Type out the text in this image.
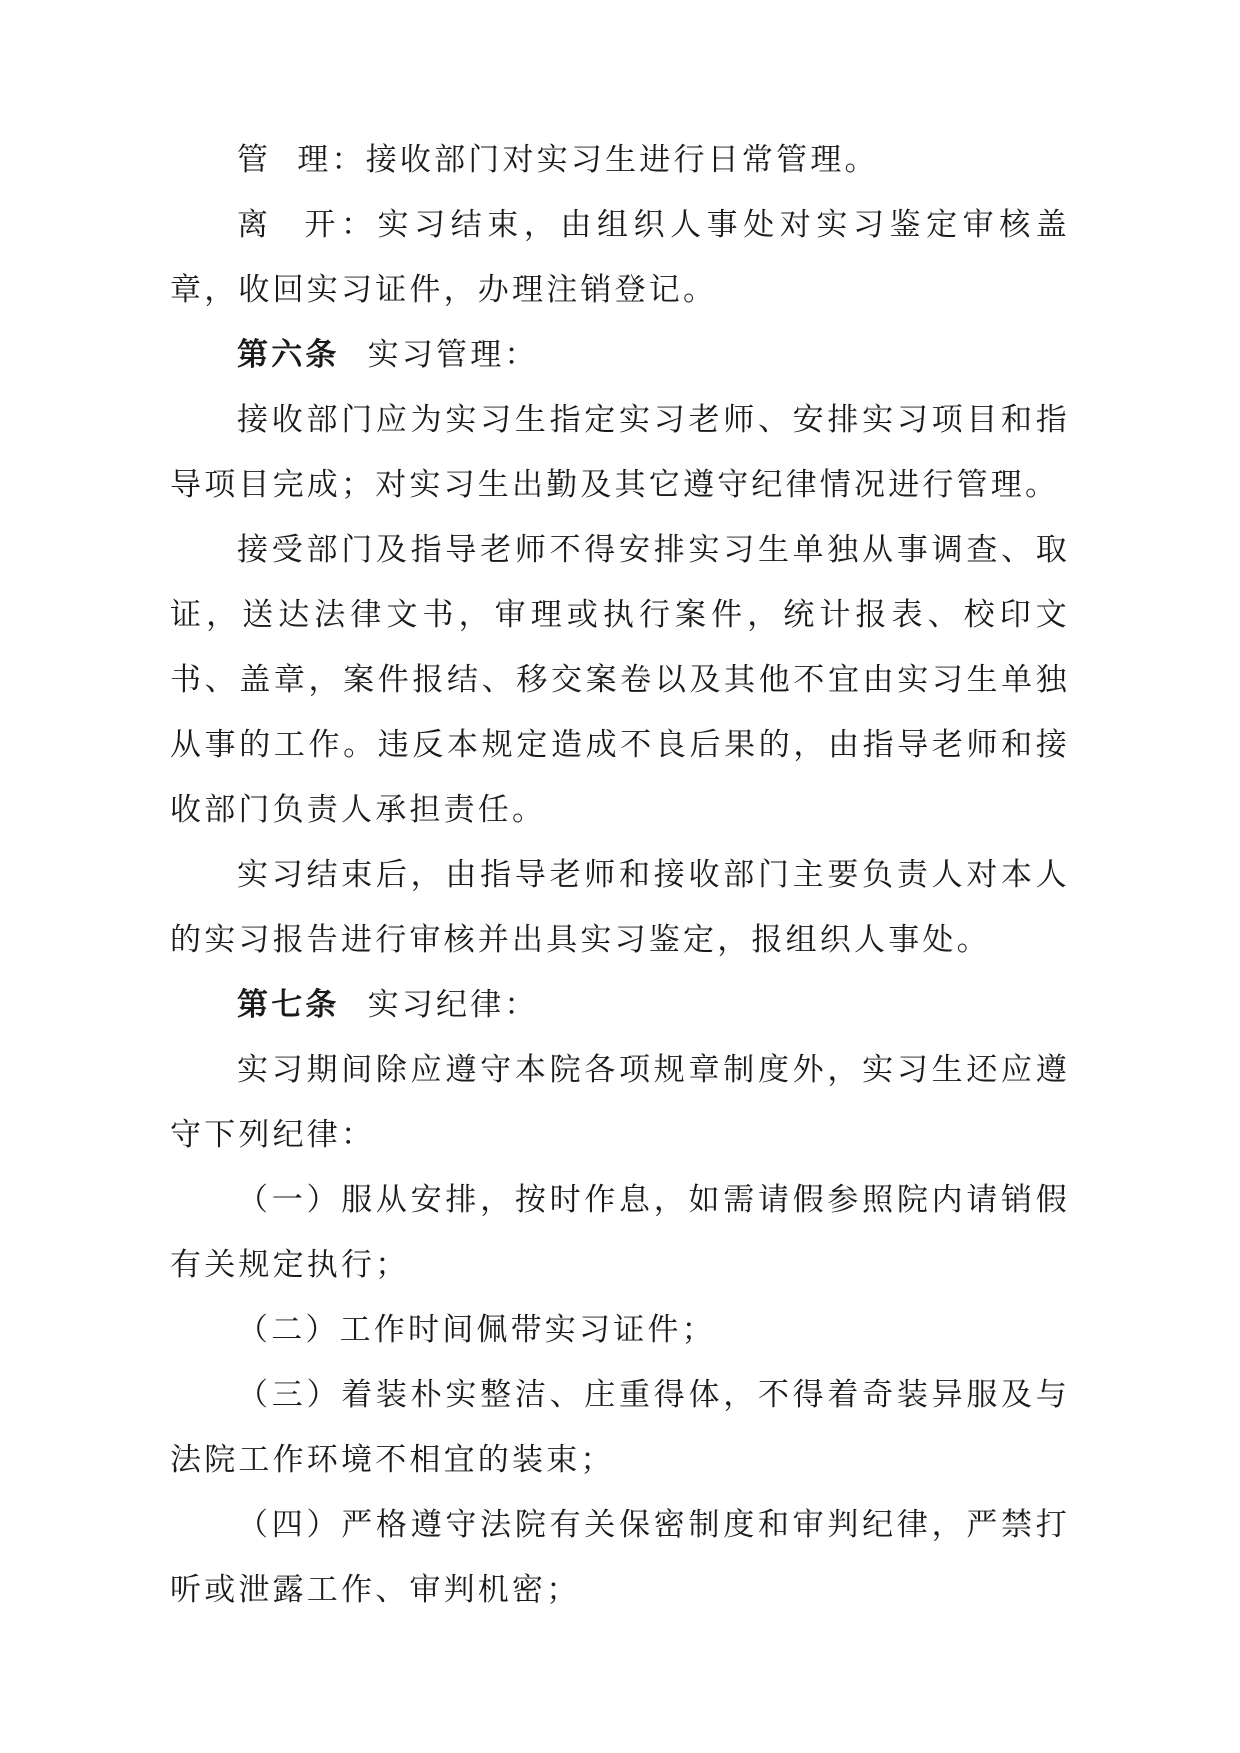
管  理：接收部门对实习生进行日常管理。

离  开：实习结束，由组织人事处对实习鉴定审核盖章，收回实习证件，办理注销登记。

第六条 实习管理：

接收部门应为实习生指定实习老师、安排实习项目和指导项目完成；对实习生出勤及其它遵守纪律情况进行管理。

接受部门及指导老师不得安排实习生单独从事调查、取证，送达法律文书，审理或执行案件，统计报表、校印文书、盖章，案件报结、移交案卷以及其他不宜由实习生单独从事的工作。违反本规定造成不良后果的，由指导老师和接收部门负责人承担责任。

实习结束后，由指导老师和接收部门主要负责人对本人的实习报告进行审核并出具实习鉴定，报组织人事处。

第七条 实习纪律：

实习期间除应遵守本院各项规章制度外，实习生还应遵守下列纪律：

（一）服从安排，按时作息，如需请假参照院内请销假有关规定执行；

（二）工作时间佩带实习证件；

（三）着装朴实整洁、庄重得体，不得着奇装异服及与法院工作环境不相宜的装束；

（四）严格遵守法院有关保密制度和审判纪律，严禁打听或泄露工作、审判机密；
